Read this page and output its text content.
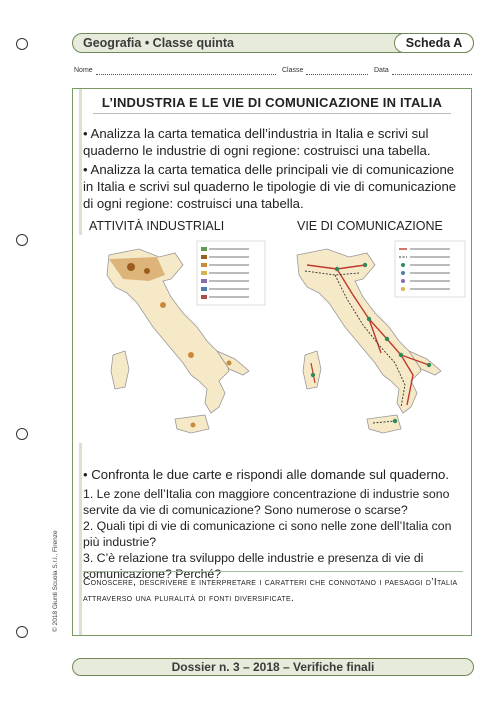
Geografia • Classe quinta	Scheda A
Nome	Classe	Data
L’INDUSTRIA E LE VIE DI COMUNICAZIONE IN ITALIA
• Analizza la carta tematica dell’industria in Italia e scrivi sul quaderno le industrie di ogni regione: costruisci una tabella.
• Analizza la carta tematica delle principali vie di comunicazione in Italia e scrivi sul quaderno le tipologie di vie di comunicazione di ogni regione: costruisci una tabella.
ATTIVITÀ INDUSTRIALI	VIE DI COMUNICAZIONE
• Confronta le due carte e rispondi alle domande sul quaderno.
1. Le zone dell’Italia con maggiore concentrazione di industrie sono servite da vie di comunicazione? Sono numerose o scarse?
2. Quali tipi di vie di comunicazione ci sono nelle zone dell’Italia con più industrie?
3. C’è relazione tra sviluppo delle industrie e presenza di vie di comunicazione? Perché?
Conoscere, descrivere e interpretare i caratteri che connotano i paesaggi d’Italia attraverso una pluralità di fonti diversificate.
© 2018 Giunti Scuola S.r.l., Firenze
Dossier n. 3 – 2018 – Verifiche finali
